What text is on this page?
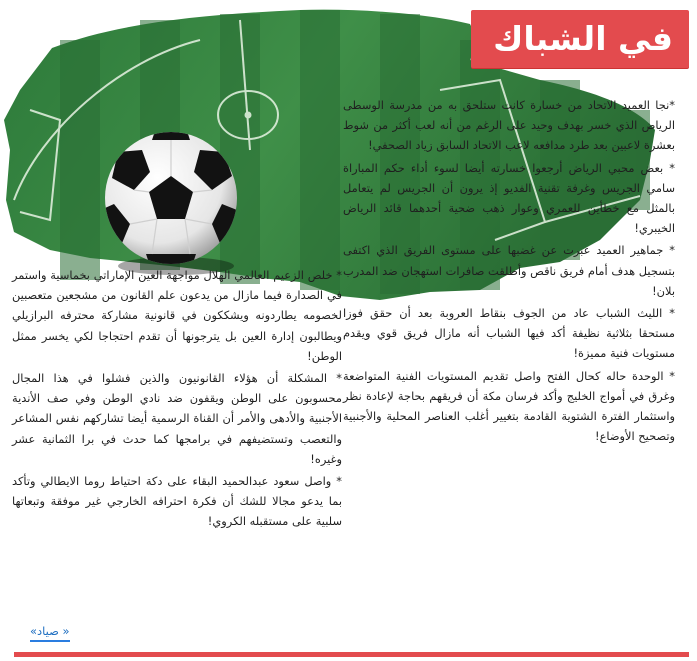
في الشباك

*نجا العميد الاتحاد من خسارة كانت ستلحق به من مدرسة الوسطى الرياض الذي خسر بهدف وحيد على الرغم من أنه لعب أكثر من شوط بعشرة لاعبين بعد طرد مدافعه لاعب الاتحاد السابق زياد الصحفي!

* بعض محبي الرياض أرجعوا خسارته أيضا لسوء أداء حكم المباراة سامي الجريس وغرفة تقنية الفديو إذ يرون أن الجريس لم يتعامل بالمثل مع خطأين للعمري وعوار ذهب ضحية أحدهما قائد الرياض الخيبري!

* جماهير العميد عبرت عن غضبها على مستوى الفريق الذي اكتفى بتسجيل هدف أمام فريق ناقص وأطلقت صافرات استهجان ضد المدرب بلان!

* الليث الشباب عاد من الجوف بنقاط العروبة بعد أن حقق فوزا مستحقا بثلاثية نظيفة أكد فيها الشباب أنه مازال فريق قوي ويقدم مستويات فنية مميزة!

* الوحدة حاله كحال الفتح واصل تقديم المستويات الفنية المتواضعة وغرق في أمواج الخليج وأكد فرسان مكة أن فريقهم بحاجة لإعادة نظر واستثمار الفترة الشتوية القادمة بتغيير أغلب العناصر المحلية والأجنبية وتصحيح الأوضاع!

* خلص الزعيم العالمي الهلال مواجهة العين الإماراتي بخماسية واستمر في الصدارة فيما مازال من يدعون علم القانون من مشجعين متعصبين لخصومه يطاردونه ويشككون في قانونية مشاركة محترفه البرازيلي ويطالبون إدارة العين بل يترجونها أن تقدم احتجاجا لكي يخسر ممثل الوطن!

* المشكلة أن هؤلاء القانونيون والذين فشلوا في هذا المجال محسوبون على الوطن ويقفون ضد نادي الوطن وفي صف الأندية الأجنبية والأدهى والأمر أن القناة الرسمية أيضا تشاركهم نفس المشاعر والتعصب وتستضيفهم في برامجها كما حدث في برا الثمانية عشر وغيره!

* واصل سعود عبدالحميد البقاء على دكة احتياط روما الايطالي وتأكد بما يدعو مجالا للشك أن فكرة احترافه الخارجي غير موفقة وتبعاتها سلبية على مستقبله الكروي!

« صياد»
